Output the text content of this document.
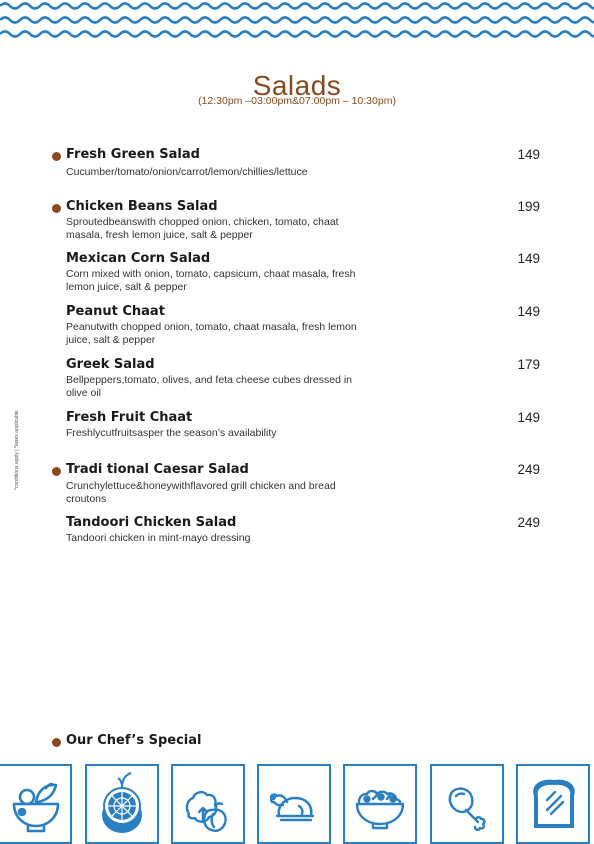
Salads
(12:30pm –03:00pm&07:00pm – 10:30pm)
*conditions apply | *taxes applicable
Fresh Green Salad
Cucumber/tomato/onion/carrot/lemon/chillies/lettuce
149
Chicken Beans Salad
Sproutedbeanswith chopped onion, chicken, tomato, chaat masala, fresh lemon juice, salt & pepper
199
Mexican Corn Salad
Corn mixed with onion, tomato, capsicum, chaat masala, fresh lemon juice, salt & pepper
149
Peanut Chaat
Peanutwith chopped onion, tomato, chaat masala, fresh lemon juice, salt & pepper
149
Greek Salad
Bellpeppers,tomato, olives, and feta cheese cubes dressed in olive oil
179
Fresh Fruit Chaat
Freshlycutfruitsasper the season’s availability
149
Tradi tional Caesar Salad
Crunchylettuce&honeywithflavored grill chicken and bread croutons
249
Tandoori Chicken Salad
Tandoori chicken in mint-mayo dressing
249
Our Chef’s Special
